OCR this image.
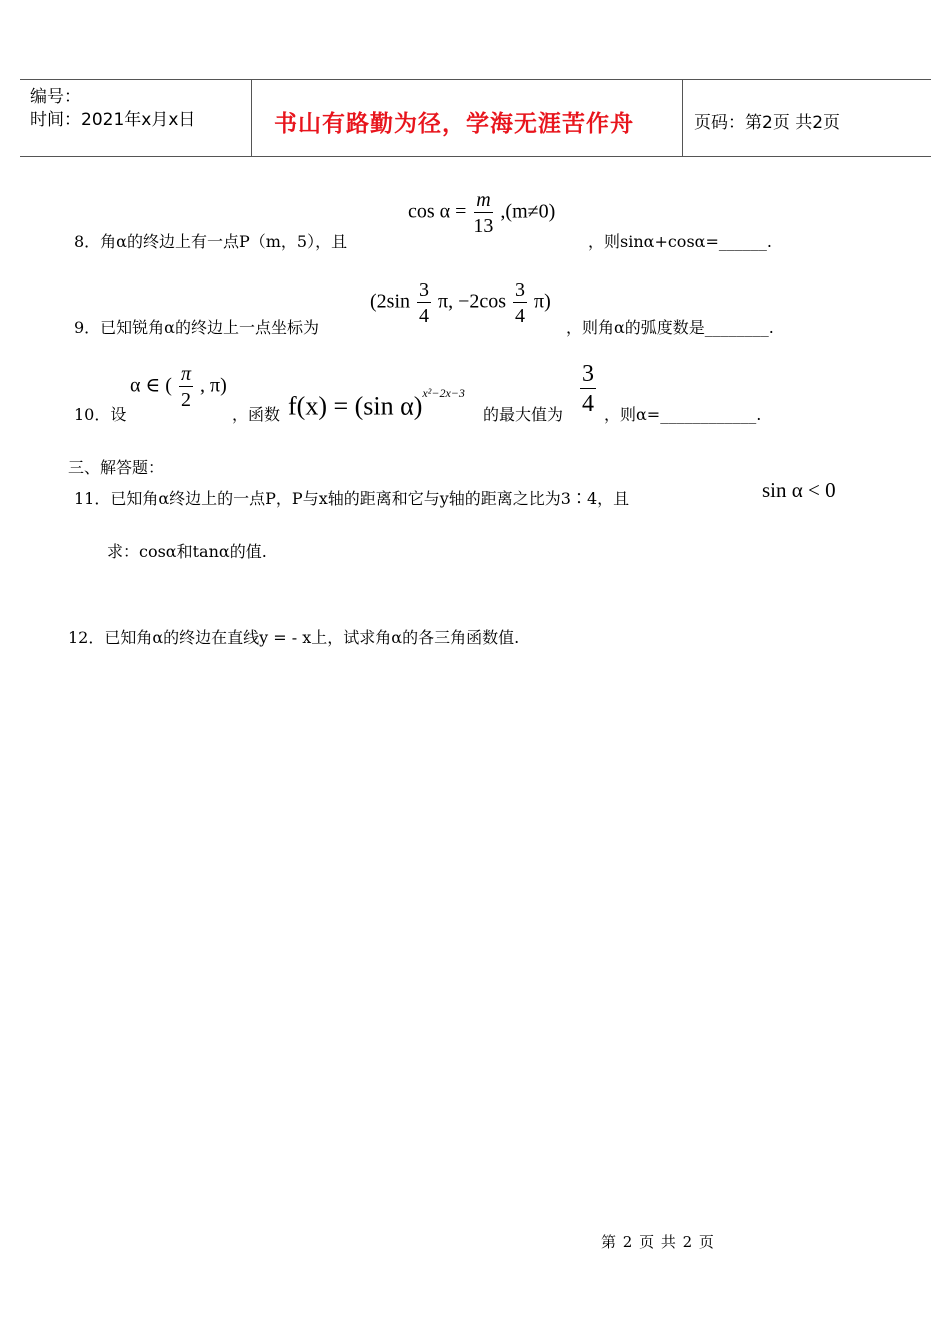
编号：
时间：2021年x月x日	书山有路勤为径，学海无涯苦作舟	页码：第2页 共2页
8．角α的终边上有一点P（m，5），且
$\cos \alpha = \frac{m}{13} ,(m\ne 0)$
，则sinα+cosα=______.
9．已知锐角α的终边上一点坐标为
($2\sin \frac{3}{4} \pi$, $-2\cos \frac{3}{4} \pi$)
，则角α的弧度数是________.
10．设
α ∈ ( $\frac{\pi}{2}$ , π)
，函数 f(x) = (sin α)$^{x^2-2x-3}$
的最大值为 $\frac{3}{4}$ ，则α=____________.
三、解答题：
11．已知角α终边上的一点P，P与x轴的距离和它与y轴的距离之比为3∶4，且	sin α < 0
求：cosα和tanα的值.
12．已知角α的终边在直线y = - x上，试求角α的各三角函数值.
第 2 页 共 2 页
